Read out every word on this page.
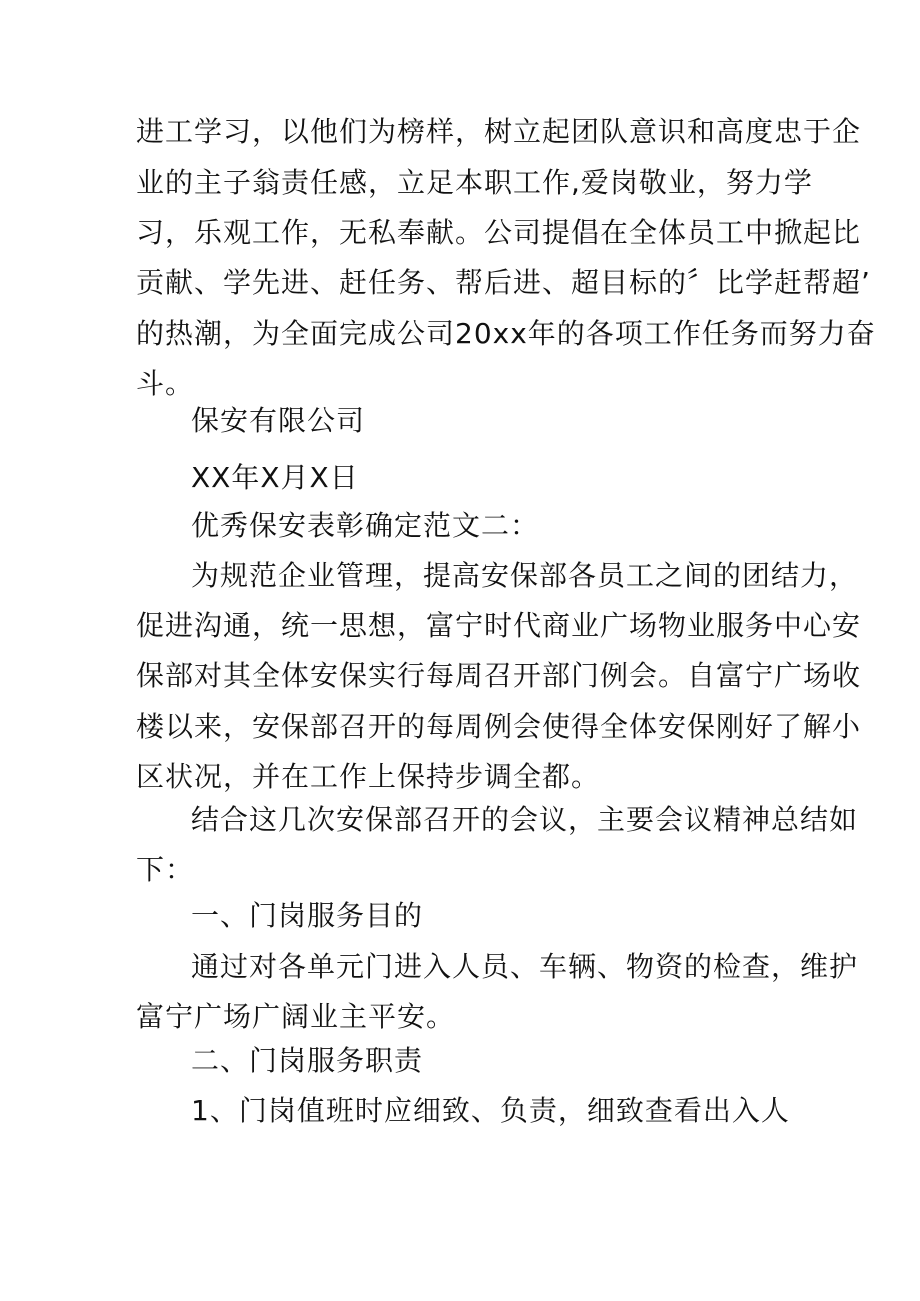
进工学习，以他们为榜样，树立起团队意识和高度忠于企
业的主子翁责任感，立足本职工作,爱岗敬业，努力学
习，乐观工作，无私奉献。公司提倡在全体员工中掀起比
贡献、学先进、赶任务、帮后进、超目标的〞比学赶帮超’
的热潮，为全面完成公司20xx年的各项工作任务而努力奋
斗。
保安有限公司
XX年X月X日
优秀保安表彰确定范文二：
为规范企业管理，提高安保部各员工之间的团结力，
促进沟通，统一思想，富宁时代商业广场物业服务中心安
保部对其全体安保实行每周召开部门例会。自富宁广场收
楼以来，安保部召开的每周例会使得全体安保刚好了解小
区状况，并在工作上保持步调全都。
结合这几次安保部召开的会议，主要会议精神总结如
下：
一、门岗服务目的
通过对各单元门进入人员、车辆、物资的检查，维护
富宁广场广阔业主平安。
二、门岗服务职责
1、门岗值班时应细致、负责，细致查看出入人
